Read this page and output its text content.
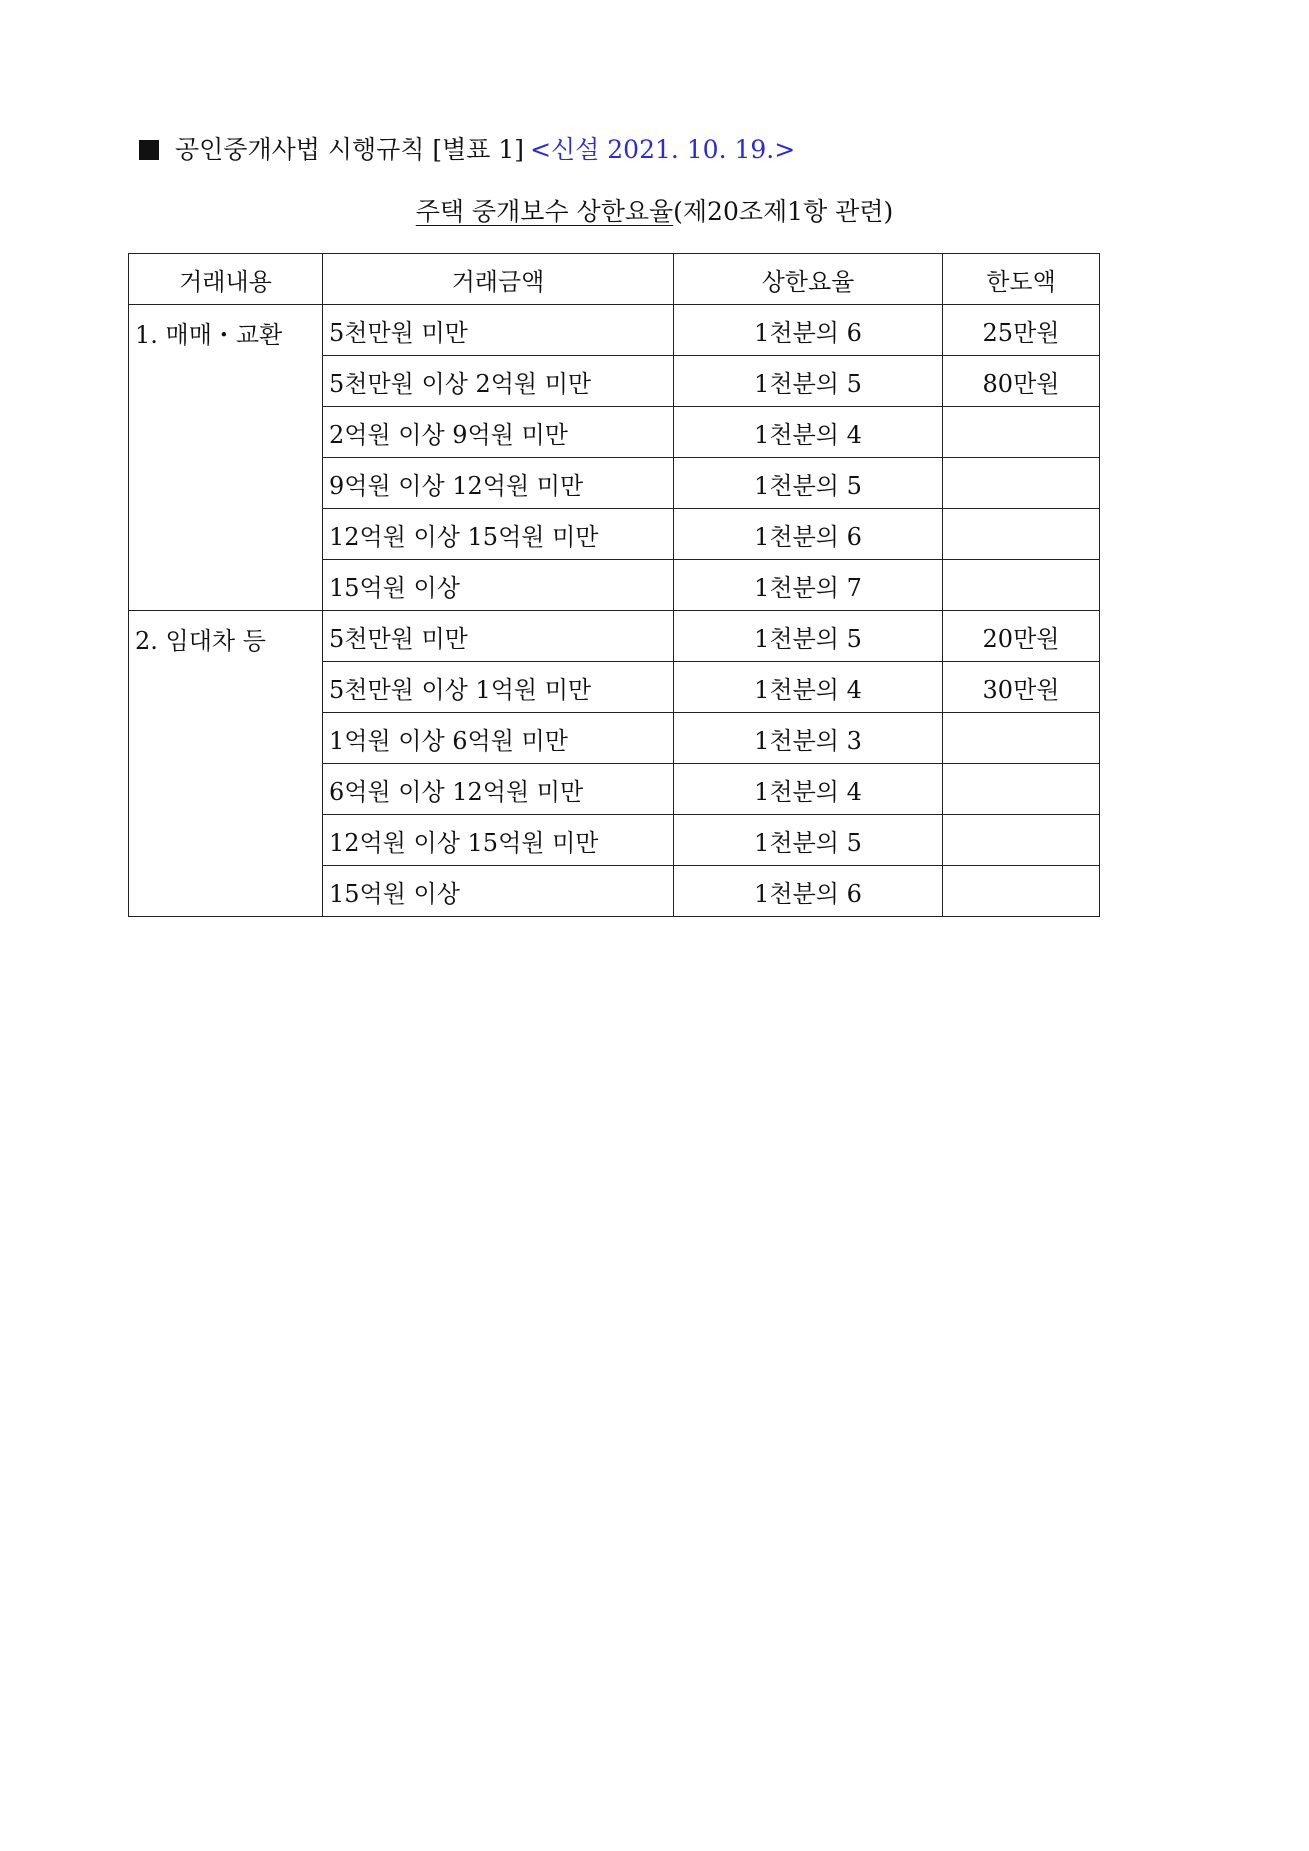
공인중개사법 시행규칙 [별표 1] <신설 2021. 10. 19.>
주택 중개보수 상한요율(제20조제1항 관련)
거래내용	거래금액	상한요율	한도액
1. 매매・교환	5천만원 미만	1천분의 6	25만원
	5천만원 이상 2억원 미만	1천분의 5	80만원
	2억원 이상 9억원 미만	1천분의 4	
	9억원 이상 12억원 미만	1천분의 5	
	12억원 이상 15억원 미만	1천분의 6	
	15억원 이상	1천분의 7	
2. 임대차 등	5천만원 미만	1천분의 5	20만원
	5천만원 이상 1억원 미만	1천분의 4	30만원
	1억원 이상 6억원 미만	1천분의 3	
	6억원 이상 12억원 미만	1천분의 4	
	12억원 이상 15억원 미만	1천분의 5	
	15억원 이상	1천분의 6	
